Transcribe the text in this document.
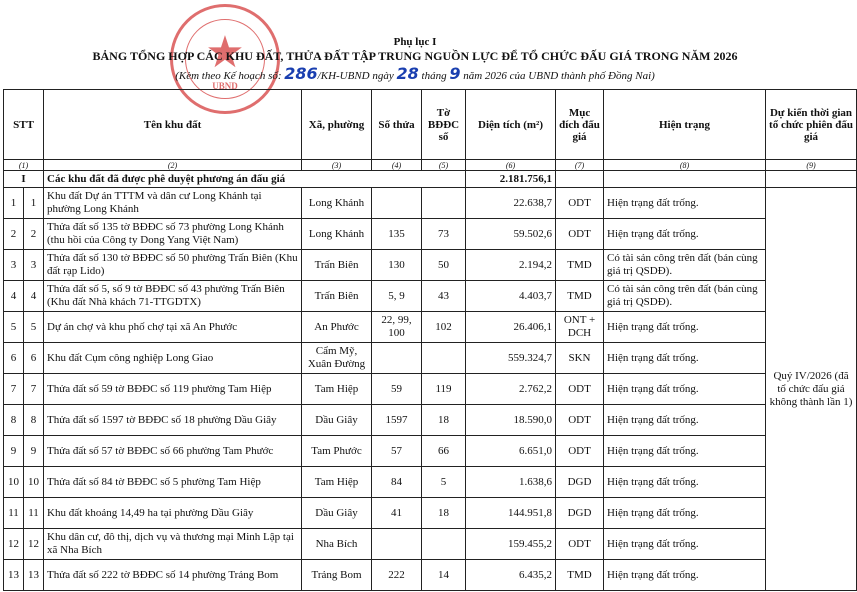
★
UBND
Phụ lục I
BẢNG TỔNG HỢP CÁC KHU ĐẤT, THỬA ĐẤT TẬP TRUNG NGUỒN LỰC ĐỂ TỔ CHỨC ĐẤU GIÁ TRONG NĂM 2026
(Kèm theo Kế hoạch số: 286/KH-UBND ngày 28 tháng 9 năm 2026 của UBND thành phố Đồng Nai)
STT		Tên khu đất	Xã, phường	Số thửa	Tờ BĐĐC số	Diện tích (m²)	Mục đích đấu giá	Hiện trạng	Dự kiến thời gian tổ chức phiên đấu giá
(1)		(2)	(3)	(4)	(5)	(6)	(7)	(8)	(9)
I		Các khu đất đã được phê duyệt phương án đấu giá				2.181.756,1			
1	1	Khu đất Dự án TTTM và dân cư Long Khánh tại phường Long Khánh	Long Khánh			22.638,7	ODT	Hiện trạng đất trống.	Quý IV/2026 (đã tổ chức đấu giá không thành lần 1)
2	2	Thửa đất số 135 tờ BĐĐC số 73 phường Long Khánh (thu hồi của Công ty Dong Yang Việt Nam)	Long Khánh	135	73	59.502,6	ODT	Hiện trạng đất trống.	
3	3	Thửa đất số 130 tờ BĐĐC số 50 phường Trấn Biên (Khu đất rạp Lido)	Trấn Biên	130	50	2.194,2	TMD	Có tài sản công trên đất (bán cùng giá trị QSDĐ).	
4	4	Thửa đất số 5, số 9 tờ BĐĐC số 43 phường Trấn Biên (Khu đất Nhà khách 71-TTGDTX)	Trấn Biên	5, 9	43	4.403,7	TMD	Có tài sản công trên đất (bán cùng giá trị QSDĐ).	
5	5	Dự án chợ và khu phố chợ tại xã An Phước	An Phước	22, 99, 100	102	26.406,1	ONT + DCH	Hiện trạng đất trống.	
6	6	Khu đất Cụm công nghiệp Long Giao	Cẩm Mỹ, Xuân Đường			559.324,7	SKN	Hiện trạng đất trống.	
7	7	Thửa đất số 59 tờ BĐĐC số 119 phường Tam Hiệp	Tam Hiệp	59	119	2.762,2	ODT	Hiện trạng đất trống.	
8	8	Thửa đất số 1597 tờ BĐĐC số 18 phường Dầu Giây	Dầu Giây	1597	18	18.590,0	ODT	Hiện trạng đất trống.	
9	9	Thửa đất số 57 tờ BĐĐC số 66 phường Tam Phước	Tam Phước	57	66	6.651,0	ODT	Hiện trạng đất trống.	
10	10	Thửa đất số 84 tờ BĐĐC số 5 phường Tam Hiệp	Tam Hiệp	84	5	1.638,6	DGD	Hiện trạng đất trống.	
11	11	Khu đất khoảng 14,49 ha tại phường Dầu Giây	Dầu Giây	41	18	144.951,8	DGD	Hiện trạng đất trống.	
12	12	Khu dân cư, đô thị, dịch vụ và thương mại Minh Lập tại xã Nha Bích	Nha Bích			159.455,2	ODT	Hiện trạng đất trống.	
13	13	Thửa đất số 222 tờ BĐĐC số 14 phường Trảng Bom	Trảng Bom	222	14	6.435,2	TMD	Hiện trạng đất trống.	
